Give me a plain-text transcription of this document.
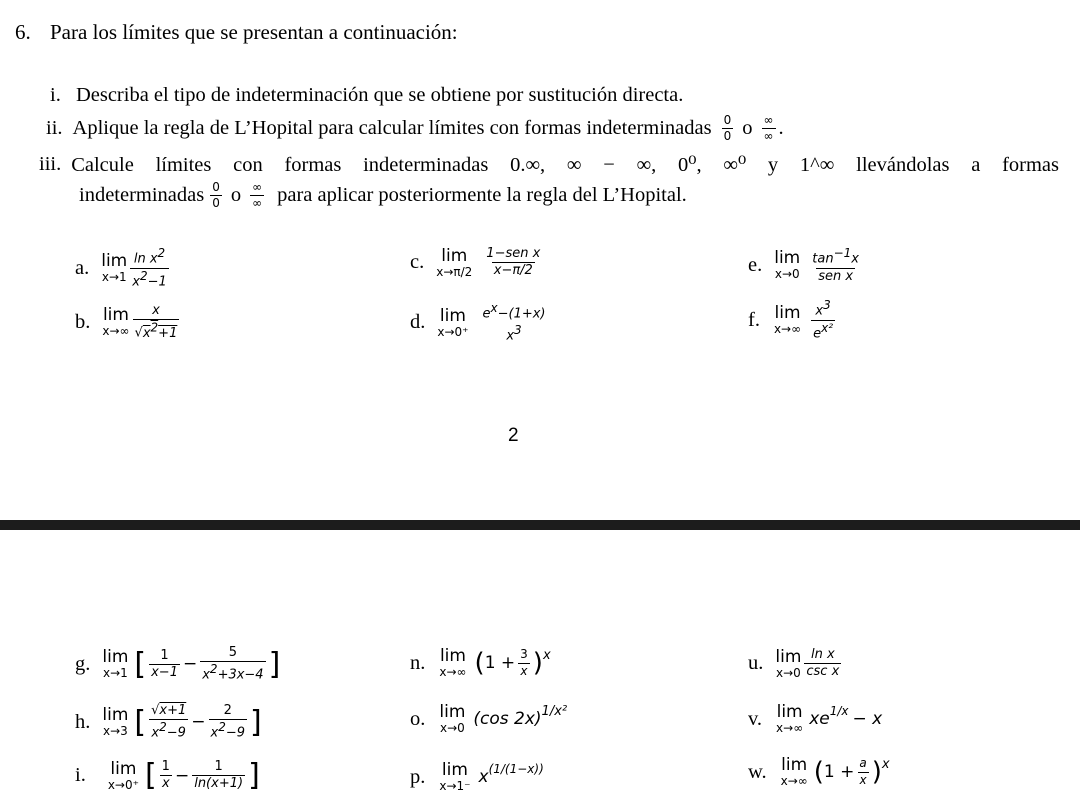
6. Para los límites que se presentan a continuación:
i. Describa el tipo de indeterminación que se obtiene por sustitución directa.
ii. Aplique la regla de L’Hopital para calcular límites con formas indeterminadas $\frac{0}{0}$ o $\frac{\infty}{\infty}$ .
iii. Calcule límites con formas indeterminadas 0.∞, ∞ − ∞, 0⁰, ∞⁰ y 1^∞ llevándolas a formas
indeterminadas $\frac{0}{0}$ o $\frac{\infty}{\infty}$ para aplicar posteriormente la regla del L’Hopital.
a. lim
$x\to 1 \frac{\ln x^2}{x^2-1}$
b. lim
$x\to\infty \frac{x}{√x^2+1}$
c. lim
$x\to\pi/2 \frac{\text{1−sen x}}{x-\pi/2}$
d. lim
x→0⁺
$e^x-(1+x)$
$x^3$
e. lim
$x\to 0 \frac{\tan^{-1}x}{\text{sen x}}$
f. lim
$x\to\infty \frac{x^3}{e^{x^2}}$
2
g. lim
x→1 [ $\frac{1}{x-1} - \frac{5}{x^2+3x-4}$ ]
h. lim
x→3 [ $\frac{√x+1}{x^2-9} - \frac{2}{x^2-9}$ ]
i. lim
x→0⁺ [ $\frac{1}{x} - \frac{1}{\ln(x+1)}$ ]
n. lim
x→∞ ( $1 + \frac{3}{x} )^x$
o. lim
x→0 (cos 2x)$^{1/x^2}$
p. lim
x→1⁻ $x^{(1/(1-x))}$
u. lim
$x\to 0 \frac{\text{ln x}}{\text{csc x}}$
v. lim
x→∞ $xe^{1/x} - x$
w. lim
x→∞ ( $1 + \frac{a}{x} )^x$
